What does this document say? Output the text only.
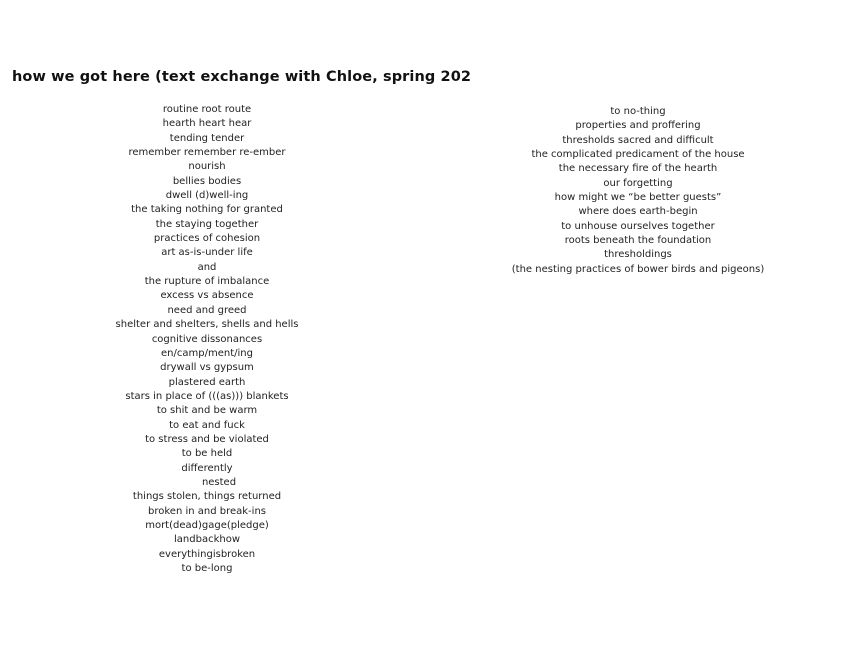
how we got here (text exchange with Chloe, spring 202
routine root route
hearth heart hear
tending tender
remember remember re-ember
nourish
bellies bodies
dwell (d)well-ing
the taking nothing for granted
the staying together
practices of cohesion
art as-is-under life
and
the rupture of imbalance
excess vs absence
need and greed
shelter and shelters, shells and hells
cognitive dissonances
en/camp/ment/ing
drywall vs gypsum
plastered earth
stars in place of (((as))) blankets
to shit and be warm
to eat and fuck
to stress and be violated
to be held
differently
nested
things stolen, things returned
broken in and break-ins
mort(dead)gage(pledge)
landbackhow
everythingisbroken
to be-long
to no-thing
properties and proffering
thresholds sacred and difficult
the complicated predicament of the house
the necessary fire of the hearth
our forgetting
how might we “be better guests”
where does earth-begin
to unhouse ourselves together
roots beneath the foundation
thresholdings
(the nesting practices of bower birds and pigeons)
